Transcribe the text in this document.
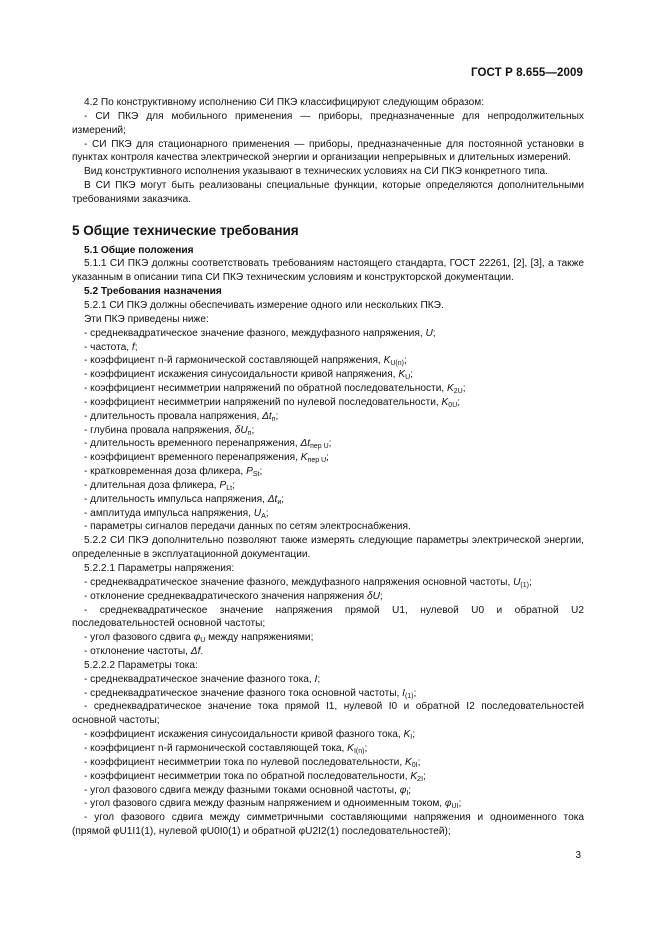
ГОСТ Р 8.655—2009

4.2 По конструктивному исполнению СИ ПКЭ классифицируют следующим образом:

- СИ ПКЭ для мобильного применения — приборы, предназначенные для непродолжительных измерений;

- СИ ПКЭ для стационарного применения — приборы, предназначенные для постоянной установки в пунктах контроля качества электрической энергии и организации непрерывных и длительных измерений.

Вид конструктивного исполнения указывают в технических условиях на СИ ПКЭ конкретного типа.

В СИ ПКЭ могут быть реализованы специальные функции, которые определяются дополнительными требованиями заказчика.

5 Общие технические требования

5.1 Общие положения

5.1.1 СИ ПКЭ должны соответствовать требованиям настоящего стандарта, ГОСТ 22261, [2], [3], а также указанным в описании типа СИ ПКЭ техническим условиям и конструкторской документации.

5.2 Требования назначения

5.2.1 СИ ПКЭ должны обеспечивать измерение одного или нескольких ПКЭ.

Эти ПКЭ приведены ниже:

- среднеквадратическое значение фазного, междуфазного напряжения, U;

- частота, f;

- коэффициент n-й гармонической составляющей напряжения, $K_{U(n)}$;

- коэффициент искажения синусоидальности кривой напряжения, $K_U$;

- коэффициент несимметрии напряжений по обратной последовательности, $K_{2U}$;

- коэффициент несимметрии напряжений по нулевой последовательности, $K_{0U}$;

- длительность провала напряжения, $\Delta t_п$;

- глубина провала напряжения, $\delta U_п$;

- длительность временного перенапряжения, $\Delta t_{пер U}$;

- коэффициент временного перенапряжения, $K_{пер U}$;

- кратковременная доза фликера, $P_{St}$;

- длительная доза фликера, $P_{Lt}$;

- длительность импульса напряжения, $\Delta t_и$;

- амплитуда импульса напряжения, $U_A$;

- параметры сигналов передачи данных по сетям электроснабжения.

5.2.2 СИ ПКЭ дополнительно позволяют также измерять следующие параметры электрической энергии, определенные в эксплуатационной документации.

5.2.2.1 Параметры напряжения:

- среднеквадратическое значение фазного, междуфазного напряжения основной частоты, $U_{(1)}$;

- отклонение среднеквадратического значения напряжения δU;

- среднеквадратическое значение напряжения прямой U1, нулевой U0 и обратной U2 последовательностей основной частоты;

- угол фазового сдвига $\varphi_U$ между напряжениями;

- отклонение частоты, Δf.

5.2.2.2 Параметры тока:

- среднеквадратическое значение фазного тока, I;

- среднеквадратическое значение фазного тока основной частоты, $I_{(1)}$;

- среднеквадратическое значение тока прямой I1, нулевой I0 и обратной I2 последовательностей основной частоты;

- коэффициент искажения синусоидальности кривой фазного тока, $K_I$;

- коэффициент n-й гармонической составляющей тока, $K_{I(n)}$;

- коэффициент несимметрии тока по нулевой последовательности, $K_{0I}$;

- коэффициент несимметрии тока по обратной последовательности, $K_{2I}$;

- угол фазового сдвига между фазными токами основной частоты, $\varphi_I$;

- угол фазового сдвига между фазным напряжением и одноименным током, $\varphi_{UI}$;

- угол фазового сдвига между симметричными составляющими напряжения и одноименного тока (прямой φU1I1(1), нулевой φU0I0(1) и обратной φU2I2(1) последовательностей);

3
